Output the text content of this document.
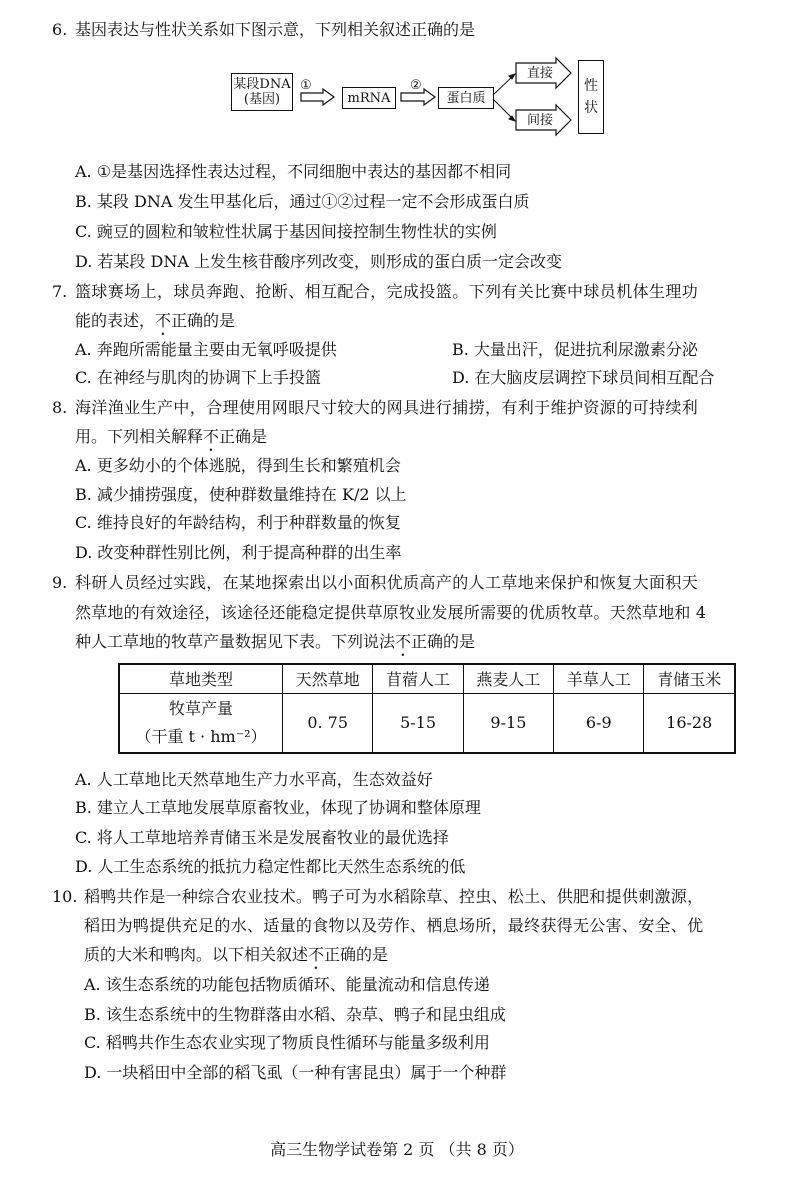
6. 基因表达与性状关系如下图示意，下列相关叙述正确的是
某段DNA
(基因)
①
mRNA
②
蛋白质
直接
间接
性
状
A. ①是基因选择性表达过程，不同细胞中表达的基因都不相同
B. 某段 DNA 发生甲基化后，通过①②过程一定不会形成蛋白质
C. 豌豆的圆粒和皱粒性状属于基因间接控制生物性状的实例
D. 若某段 DNA 上发生核苷酸序列改变，则形成的蛋白质一定会改变
7. 篮球赛场上，球员奔跑、抢断、相互配合，完成投篮。下列有关比赛中球员机体生理功
能的表述，不正确的是
A. 奔跑所需能量主要由无氧呼吸提供	B. 大量出汗，促进抗利尿激素分泌
C. 在神经与肌肉的协调下上手投篮	D. 在大脑皮层调控下球员间相互配合
8. 海洋渔业生产中，合理使用网眼尺寸较大的网具进行捕捞，有利于维护资源的可持续利
用。下列相关解释不正确是
A. 更多幼小的个体逃脱，得到生长和繁殖机会
B. 减少捕捞强度，使种群数量维持在 K/2 以上
C. 维持良好的年龄结构，利于种群数量的恢复
D. 改变种群性别比例，利于提高种群的出生率
9. 科研人员经过实践，在某地探索出以小面积优质高产的人工草地来保护和恢复大面积天
然草地的有效途径，该途径还能稳定提供草原牧业发展所需要的优质牧草。天然草地和 4
种人工草地的牧草产量数据见下表。下列说法不正确的是
草地类型	天然草地	苜蓿人工	燕麦人工	羊草人工	青储玉米

牧草产量
（干重 t · hm⁻²）	0. 75	5-15	9-15	6-9	16-28
A. 人工草地比天然草地生产力水平高，生态效益好
B. 建立人工草地发展草原畜牧业，体现了协调和整体原理
C. 将人工草地培养青储玉米是发展畜牧业的最优选择
D. 人工生态系统的抵抗力稳定性都比天然生态系统的低
10. 稻鸭共作是一种综合农业技术。鸭子可为水稻除草、控虫、松土、供肥和提供刺激源，
稻田为鸭提供充足的水、适量的食物以及劳作、栖息场所，最终获得无公害、安全、优
质的大米和鸭肉。以下相关叙述不正确的是
A. 该生态系统的功能包括物质循环、能量流动和信息传递
B. 该生态系统中的生物群落由水稻、杂草、鸭子和昆虫组成
C. 稻鸭共作生态农业实现了物质良性循环与能量多级利用
D. 一块稻田中全部的稻飞虱（一种有害昆虫）属于一个种群
高三生物学试卷第 2 页 （共 8 页）
